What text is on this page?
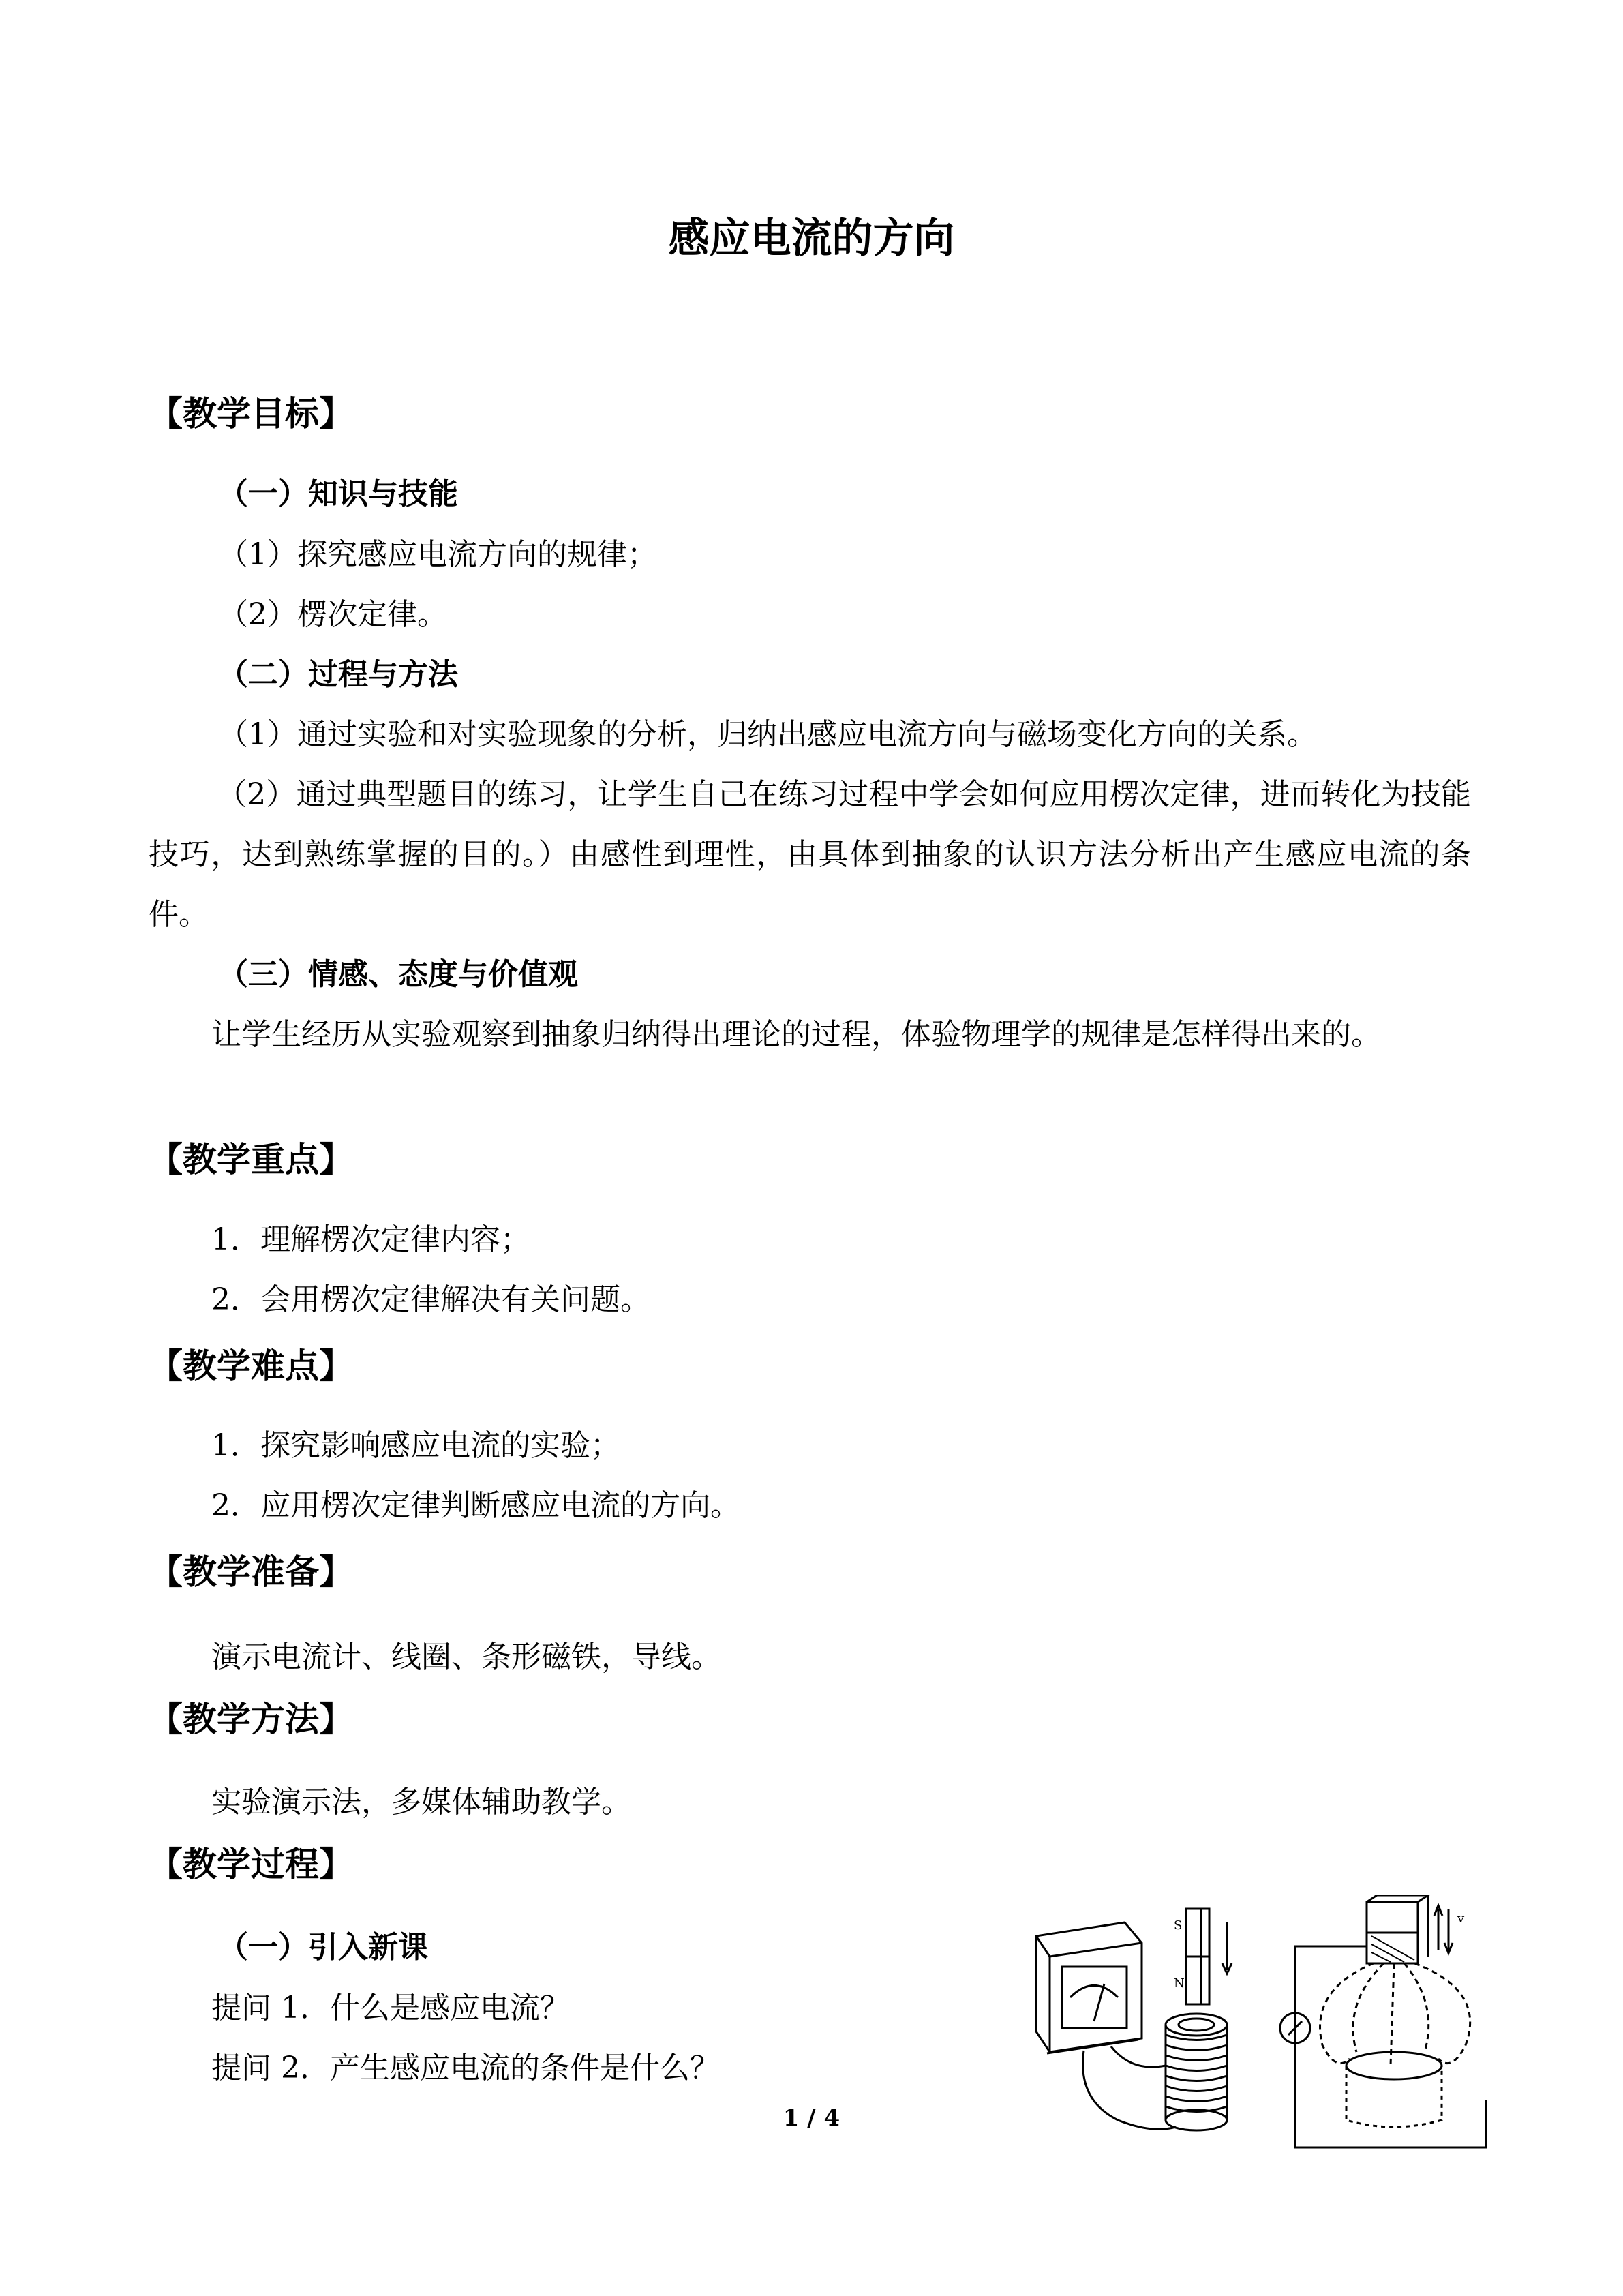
感应电流的方向
【教学目标】
（一）知识与技能
（1）探究感应电流方向的规律；
（2）楞次定律。
（二）过程与方法
（1）通过实验和对实验现象的分析，归纳出感应电流方向与磁场变化方向的关系。
（2）通过典型题目的练习，让学生自己在练习过程中学会如何应用楞次定律，进而转化为技能技巧，达到熟练掌握的目的。）由感性到理性，由具体到抽象的认识方法分析出产生感应电流的条件。
（三）情感、态度与价值观
让学生经历从实验观察到抽象归纳得出理论的过程，体验物理学的规律是怎样得出来的。
【教学重点】
1．理解楞次定律内容；
2．会用楞次定律解决有关问题。
【教学难点】
1．探究影响感应电流的实验；
2．应用楞次定律判断感应电流的方向。
【教学准备】
演示电流计、线圈、条形磁铁，导线。
【教学方法】
实验演示法，多媒体辅助教学。
【教学过程】
（一）引入新课
提问 1．什么是感应电流？
提问 2．产生感应电流的条件是什么？
S
N
v
1 / 4
